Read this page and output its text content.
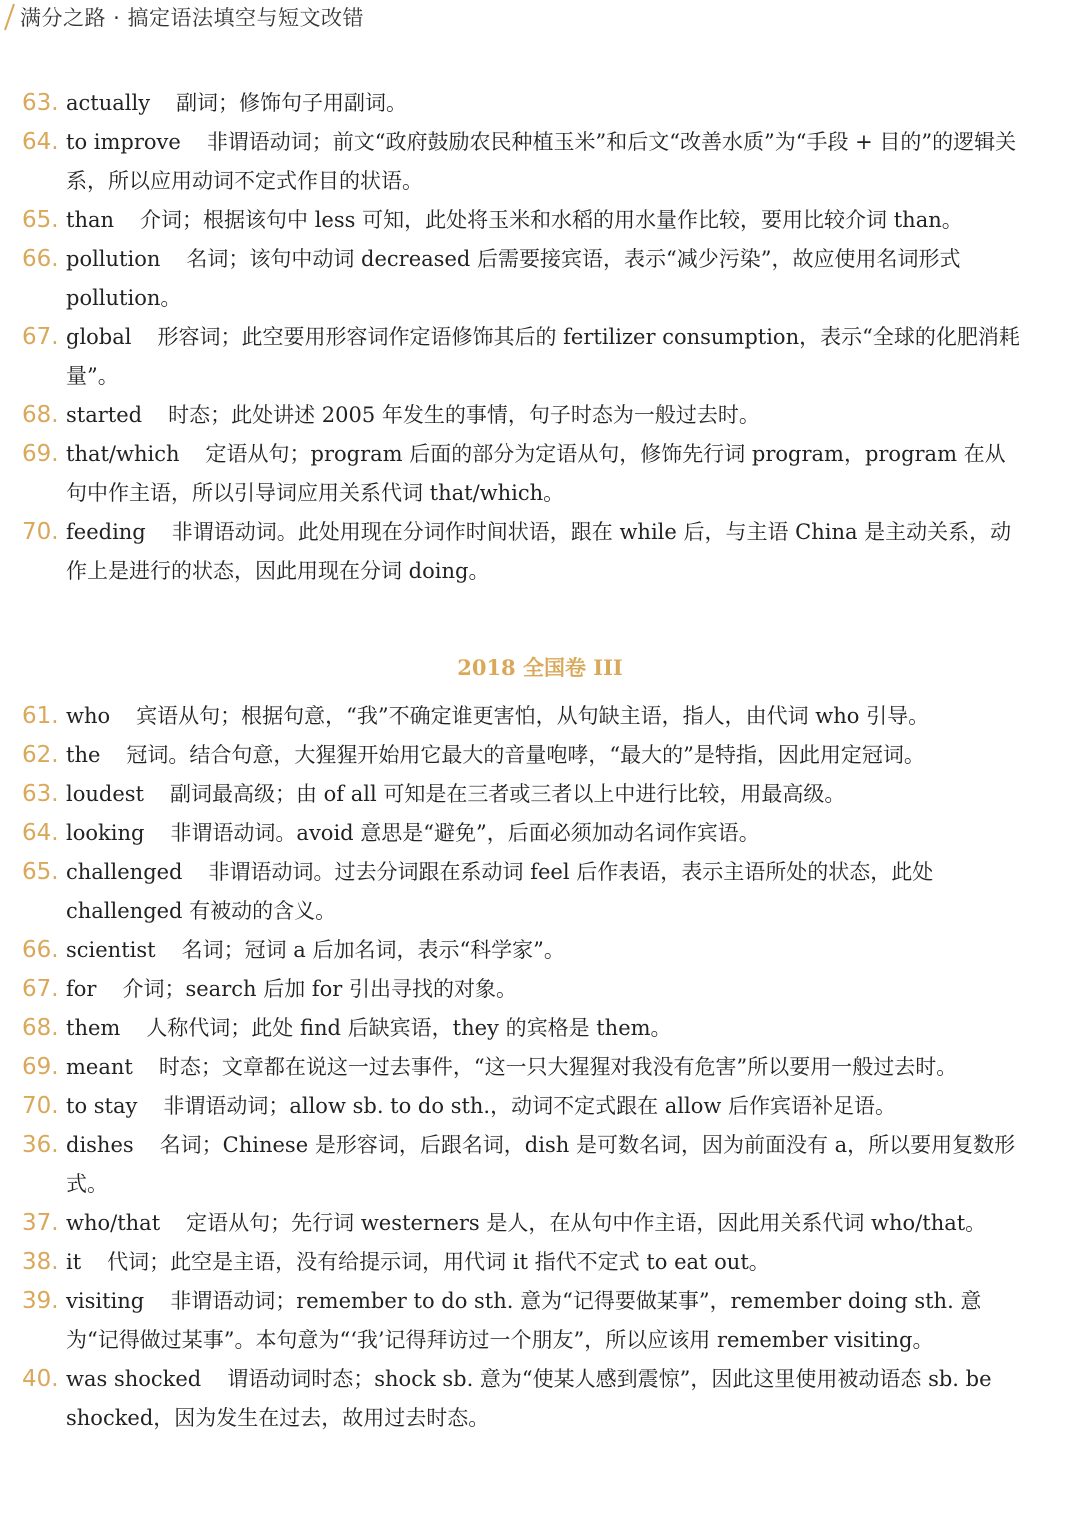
满分之路 · 搞定语法填空与短文改错
63. actually 副词；修饰句子用副词。
64. to improve 非谓语动词；前文“政府鼓励农民种植玉米”和后文“改善水质”为“手段 + 目的”的逻辑关系，所以应用动词不定式作目的状语。
65. than 介词；根据该句中 less 可知，此处将玉米和水稻的用水量作比较，要用比较介词 than。
66. pollution 名词；该句中动词 decreased 后需要接宾语，表示“减少污染”，故应使用名词形式 pollution。
67. global 形容词；此空要用形容词作定语修饰其后的 fertilizer consumption，表示“全球的化肥消耗量”。
68. started 时态；此处讲述 2005 年发生的事情，句子时态为一般过去时。
69. that/which 定语从句；program 后面的部分为定语从句，修饰先行词 program，program 在从句中作主语，所以引导词应用关系代词 that/which。
70. feeding 非谓语动词。此处用现在分词作时间状语，跟在 while 后，与主语 China 是主动关系，动作上是进行的状态，因此用现在分词 doing。
2018 全国卷 III
61. who 宾语从句；根据句意，“我”不确定谁更害怕，从句缺主语，指人，由代词 who 引导。
62. the 冠词。结合句意，大猩猩开始用它最大的音量咆哮，“最大的”是特指，因此用定冠词。
63. loudest 副词最高级；由 of all 可知是在三者或三者以上中进行比较，用最高级。
64. looking 非谓语动词。avoid 意思是“避免”，后面必须加动名词作宾语。
65. challenged 非谓语动词。过去分词跟在系动词 feel 后作表语，表示主语所处的状态，此处 challenged 有被动的含义。
66. scientist 名词；冠词 a 后加名词，表示“科学家”。
67. for 介词；search 后加 for 引出寻找的对象。
68. them 人称代词；此处 find 后缺宾语，they 的宾格是 them。
69. meant 时态；文章都在说这一过去事件，“这一只大猩猩对我没有危害”所以要用一般过去时。
70. to stay 非谓语动词；allow sb. to do sth.，动词不定式跟在 allow 后作宾语补足语。
36. dishes 名词；Chinese 是形容词，后跟名词，dish 是可数名词，因为前面没有 a，所以要用复数形式。
37. who/that 定语从句；先行词 westerners 是人，在从句中作主语，因此用关系代词 who/that。
38. it 代词；此空是主语，没有给提示词，用代词 it 指代不定式 to eat out。
39. visiting 非谓语动词；remember to do sth. 意为“记得要做某事”，remember doing sth. 意为“记得做过某事”。本句意为“‘我’记得拜访过一个朋友”，所以应该用 remember visiting。
40. was shocked 谓语动词时态；shock sb. 意为“使某人感到震惊”，因此这里使用被动语态 sb. be shocked，因为发生在过去，故用过去时态。
